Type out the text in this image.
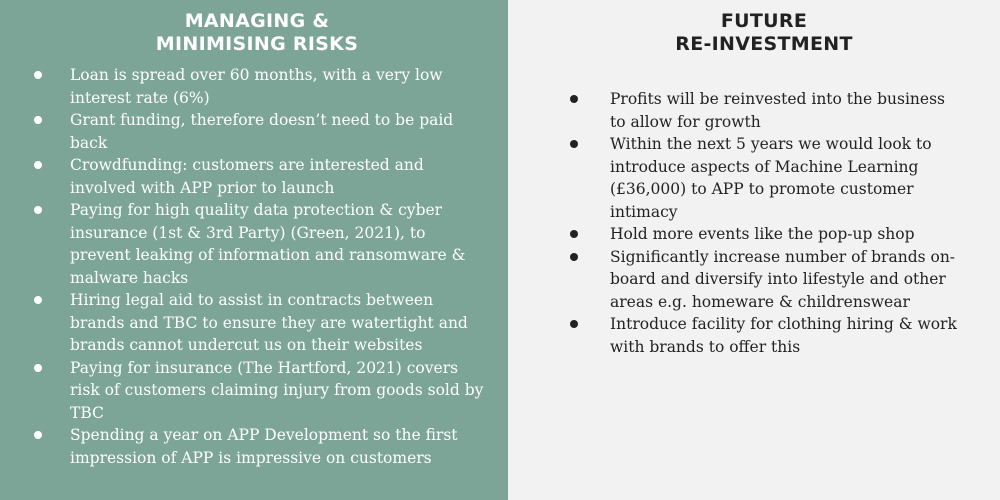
MANAGING &
MINIMISING RISKS
Loan is spread over 60 months, with a very low interest rate (6%)
Grant funding, therefore doesn’t need to be paid back
Crowdfunding: customers are interested and involved with APP prior to launch
Paying for high quality data protection & cyber insurance (1st & 3rd Party) (Green, 2021), to prevent leaking of information and ransomware & malware hacks
Hiring legal aid to assist in contracts between brands and TBC to ensure they are watertight and brands cannot undercut us on their websites
Paying for insurance (The Hartford, 2021) covers risk of customers claiming injury from goods sold by TBC
Spending a year on APP Development so the first impression of APP is impressive on customers
FUTURE
RE-INVESTMENT
Profits will be reinvested into the business to allow for growth
Within the next 5 years we would look to introduce aspects of Machine Learning (£36,000) to APP to promote customer intimacy
Hold more events like the pop-up shop
Significantly increase number of brands on-board and diversify into lifestyle and other areas e.g. homeware & childrenswear
Introduce facility for clothing hiring & work with brands to offer this
